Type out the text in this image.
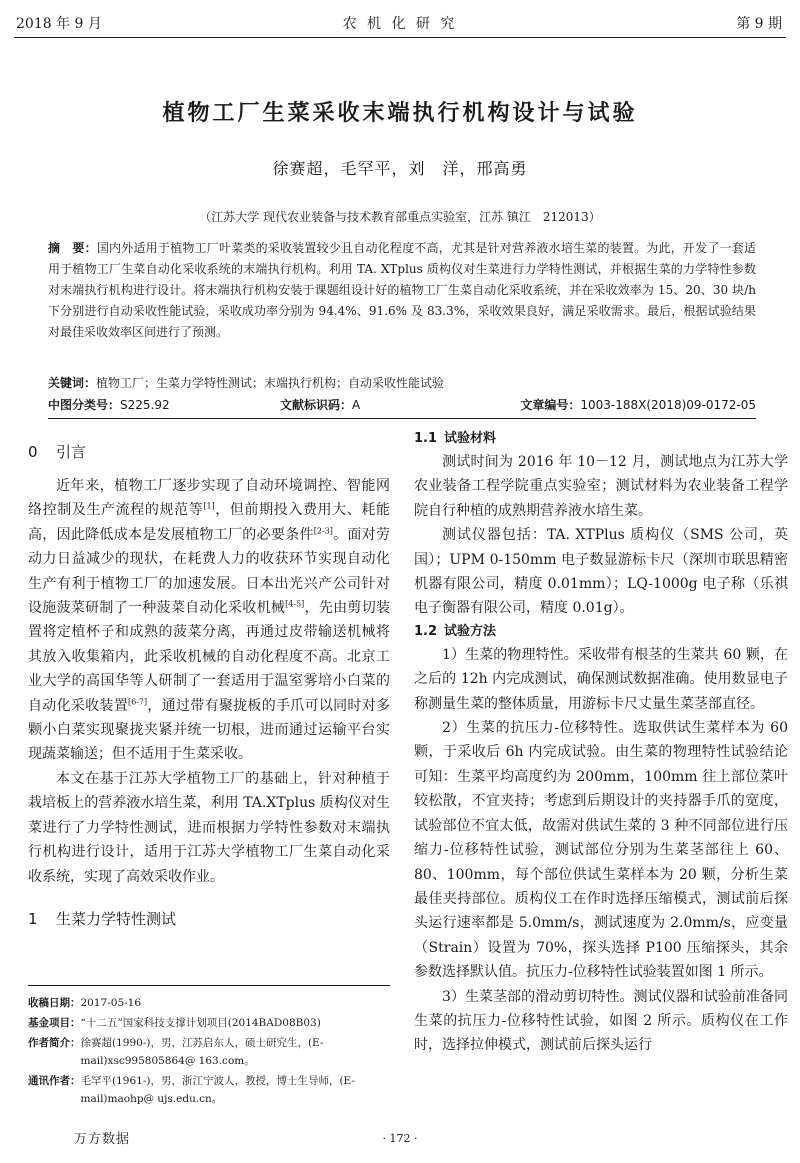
2018 年 9 月	农 机 化 研 究	第 9 期
植物工厂生菜采收末端执行机构设计与试验
徐赛超，毛罕平，刘　洋，邢高勇
（江苏大学 现代农业装备与技术教育部重点实验室，江苏 镇江　212013）
摘　要：国内外适用于植物工厂叶菜类的采收装置较少且自动化程度不高，尤其是针对营养液水培生菜的装置。为此，开发了一套适用于植物工厂生菜自动化采收系统的末端执行机构。利用 TA. XTplus 质构仪对生菜进行力学特性测试，并根据生菜的力学特性参数对末端执行机构进行设计。将末端执行机构安装于课题组设计好的植物工厂生菜自动化采收系统，并在采收效率为 15、20、30 块/h 下分别进行自动采收性能试验，采收成功率分别为 94.4%、91.6% 及 83.3%，采收效果良好，满足采收需求。最后，根据试验结果对最佳采收效率区间进行了预测。
关键词：植物工厂；生菜力学特性测试；末端执行机构；自动采收性能试验
中图分类号：S225.92	文献标识码：A	文章编号：1003-188X(2018)09-0172-05
0 引言

近年来，植物工厂逐步实现了自动环境调控、智能网络控制及生产流程的规范等[1]，但前期投入费用大、耗能高，因此降低成本是发展植物工厂的必要条件[2-3]。面对劳动力日益减少的现状，在耗费人力的收获环节实现自动化生产有利于植物工厂的加速发展。日本出光兴产公司针对设施菠菜研制了一种菠菜自动化采收机械[4-5]，先由剪切装置将定植杯子和成熟的菠菜分离，再通过皮带输送机械将其放入收集箱内，此采收机械的自动化程度不高。北京工业大学的高国华等人研制了一套适用于温室雾培小白菜的自动化采收装置[6-7]，通过带有聚拢板的手爪可以同时对多颗小白菜实现聚拢夹紧并统一切根，进而通过运输平台实现蔬菜输送；但不适用于生菜采收。

本文在基于江苏大学植物工厂的基础上，针对种植于栽培板上的营养液水培生菜，利用 TA.XTplus 质构仪对生菜进行了力学特性测试，进而根据力学特性参数对末端执行机构进行设计，适用于江苏大学植物工厂生菜自动化采收系统，实现了高效采收作业。

1 生菜力学特性测试
收稿日期： 2017-05-16
基金项目： “十二五”国家科技支撑计划项目(2014BAD08B03)
作者简介： 徐赛超(1990-)，男，江苏启东人，硕士研究生，(E-mail)xsc995805864@ 163.com。
通讯作者： 毛罕平(1961-)，男，浙江宁波人，教授，博士生导师，(E-mail)maohp@ ujs.edu.cn。
1.1 试验材料

测试时间为 2016 年 10－12 月，测试地点为江苏大学农业装备工程学院重点实验室；测试材料为农业装备工程学院自行种植的成熟期营养液水培生菜。

测试仪器包括：TA. XTPlus 质构仪（SMS 公司，英国）；UPM 0-150mm 电子数显游标卡尺（深圳市联思精密机器有限公司，精度 0.01mm）；LQ-1000g 电子称（乐祺电子衡器有限公司，精度 0.01g）。

1.2 试验方法

1）生菜的物理特性。采收带有根茎的生菜共 60 颗，在之后的 12h 内完成测试，确保测试数据准确。使用数显电子称测量生菜的整体质量，用游标卡尺丈量生菜茎部直径。

2）生菜的抗压力-位移特性。选取供试生菜样本为 60 颗，于采收后 6h 内完成试验。由生菜的物理特性试验结论可知：生菜平均高度约为 200mm，100mm 往上部位菜叶较松散，不宜夹持；考虑到后期设计的夹持器手爪的宽度，试验部位不宜太低，故需对供试生菜的 3 种不同部位进行压缩力-位移特性试验，测试部位分别为生菜茎部往上 60、80、100mm，每个部位供试生菜样本为 20 颗，分析生菜最佳夹持部位。质构仪工在作时选择压缩模式，测试前后探头运行速率都是 5.0mm/s，测试速度为 2.0mm/s，应变量（Strain）设置为 70%，探头选择 P100 压缩探头，其余参数选择默认值。抗压力-位移特性试验装置如图 1 所示。

3）生菜茎部的滑动剪切特性。测试仪器和试验前准备同生菜的抗压力-位移特性试验，如图 2 所示。质构仪在工作时，选择拉伸模式，测试前后探头运行

万方数据	· 172 ·
